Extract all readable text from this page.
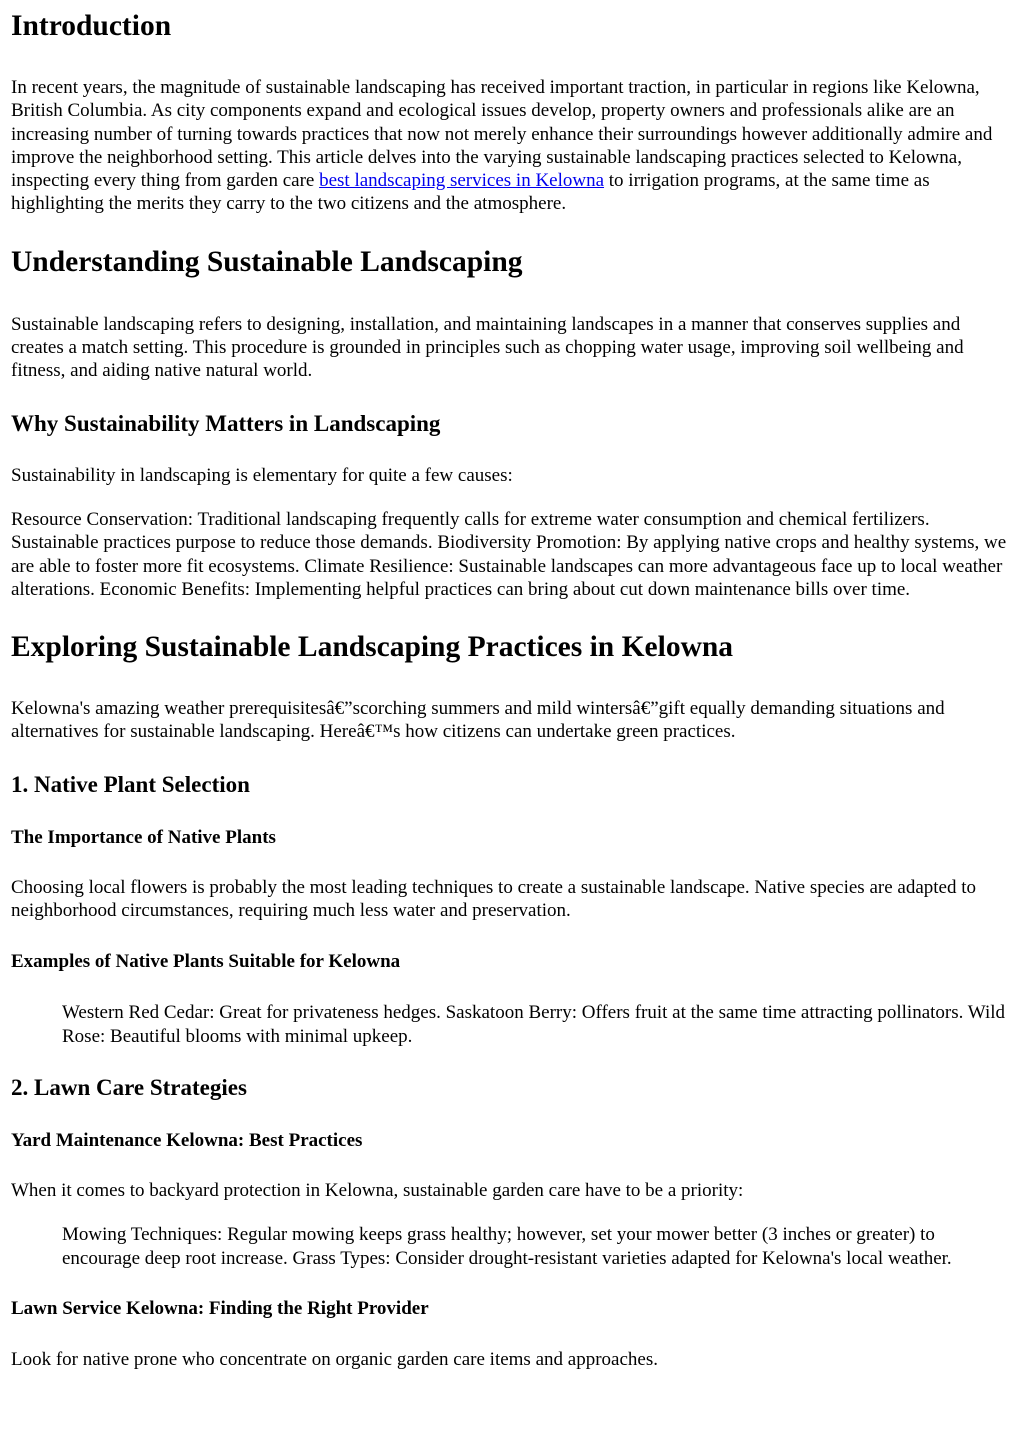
Introduction

In recent years, the magnitude of sustainable landscaping has received important traction, in particular in regions like Kelowna, British Columbia. As city components expand and ecological issues develop, property owners and professionals alike are an increasing number of turning towards practices that now not merely enhance their surroundings however additionally admire and improve the neighborhood setting. This article delves into the varying sustainable landscaping practices selected to Kelowna, inspecting every thing from garden care best landscaping services in Kelowna to irrigation programs, at the same time as highlighting the merits they carry to the two citizens and the atmosphere.

Understanding Sustainable Landscaping

Sustainable landscaping refers to designing, installation, and maintaining landscapes in a manner that conserves supplies and creates a match setting. This procedure is grounded in principles such as chopping water usage, improving soil wellbeing and fitness, and aiding native natural world.

Why Sustainability Matters in Landscaping

Sustainability in landscaping is elementary for quite a few causes:

Resource Conservation: Traditional landscaping frequently calls for extreme water consumption and chemical fertilizers. Sustainable practices purpose to reduce those demands. Biodiversity Promotion: By applying native crops and healthy systems, we are able to foster more fit ecosystems. Climate Resilience: Sustainable landscapes can more advantageous face up to local weather alterations. Economic Benefits: Implementing helpful practices can bring about cut down maintenance bills over time.

Exploring Sustainable Landscaping Practices in Kelowna

Kelowna's amazing weather prerequisitesâ€”scorching summers and mild wintersâ€”gift equally demanding situations and alternatives for sustainable landscaping. Hereâ€™s how citizens can undertake green practices.

1. Native Plant Selection
The Importance of Native Plants

Choosing local flowers is probably the most leading techniques to create a sustainable landscape. Native species are adapted to neighborhood circumstances, requiring much less water and preservation.

Examples of Native Plants Suitable for Kelowna

Western Red Cedar: Great for privateness hedges. Saskatoon Berry: Offers fruit at the same time attracting pollinators. Wild Rose: Beautiful blooms with minimal upkeep.

2. Lawn Care Strategies
Yard Maintenance Kelowna: Best Practices

When it comes to backyard protection in Kelowna, sustainable garden care have to be a priority:

Mowing Techniques: Regular mowing keeps grass healthy; however, set your mower better (3 inches or greater) to encourage deep root increase. Grass Types: Consider drought-resistant varieties adapted for Kelowna's local weather.

Lawn Service Kelowna: Finding the Right Provider

Look for native prone who concentrate on organic garden care items and approaches.
